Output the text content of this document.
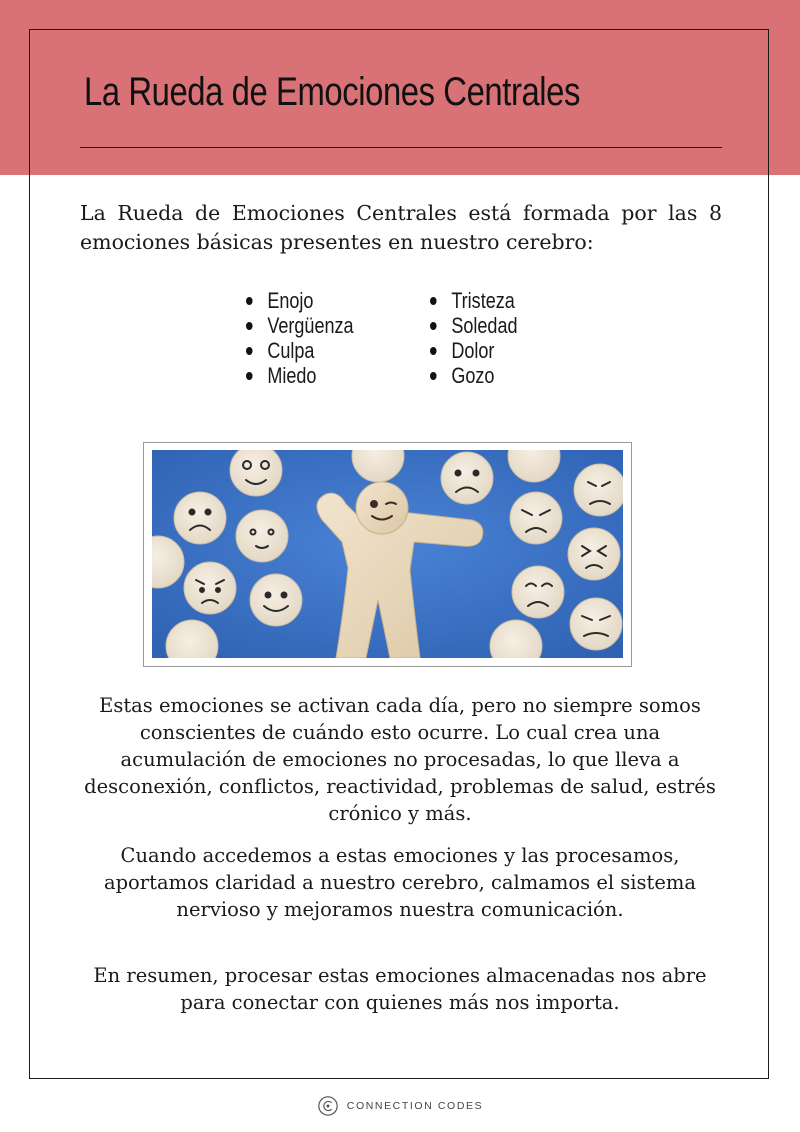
La Rueda de Emociones Centrales

La Rueda de Emociones Centrales está formada por las 8 emociones básicas presentes en nuestro cerebro:

Enojo
Vergüenza
Culpa
Miedo
Tristeza
Soledad
Dolor
Gozo

Estas emociones se activan cada día, pero no siempre somos conscientes de cuándo esto ocurre. Lo cual crea una acumulación de emociones no procesadas, lo que lleva a desconexión, conflictos, reactividad, problemas de salud, estrés crónico y más.

Cuando accedemos a estas emociones y las procesamos, aportamos claridad a nuestro cerebro, calmamos el sistema nervioso y mejoramos nuestra comunicación.

En resumen, procesar estas emociones almacenadas nos abre para conectar con quienes más nos importa.

CONNECTION CODES
